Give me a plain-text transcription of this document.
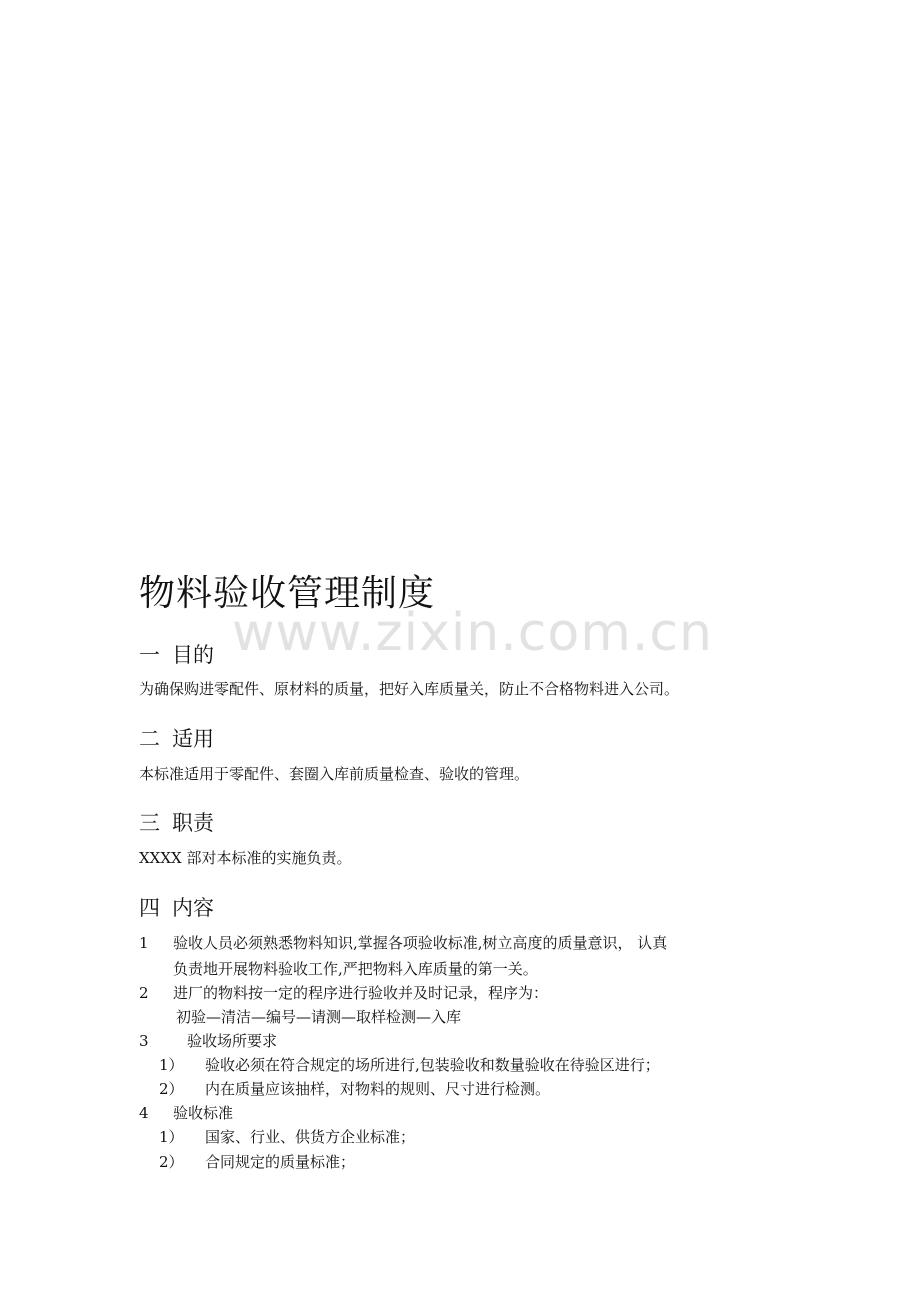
www.zixin.com.cn
物料验收管理制度
一 目的

为确保购进零配件、原材料的质量，把好入库质量关，防止不合格物料进入公司。

二 适用

本标准适用于零配件、套圈入库前质量检查、验收的管理。

三 职责

XXXX 部对本标准的实施负责。

四 内容
1 验收人员必须熟悉物料知识,掌握各项验收标准,树立高度的质量意识， 认真
负责地开展物料验收工作,严把物料入库质量的第一关。
2 进厂的物料按一定的程序进行验收并及时记录，程序为：
初验—清洁—编号—请测—取样检测—入库
3	验收场所要求
1） 验收必须在符合规定的场所进行,包装验收和数量验收在待验区进行；
2） 内在质量应该抽样，对物料的规则、尺寸进行检测。
4 验收标准
1） 国家、行业、供货方企业标准；
2） 合同规定的质量标准；
